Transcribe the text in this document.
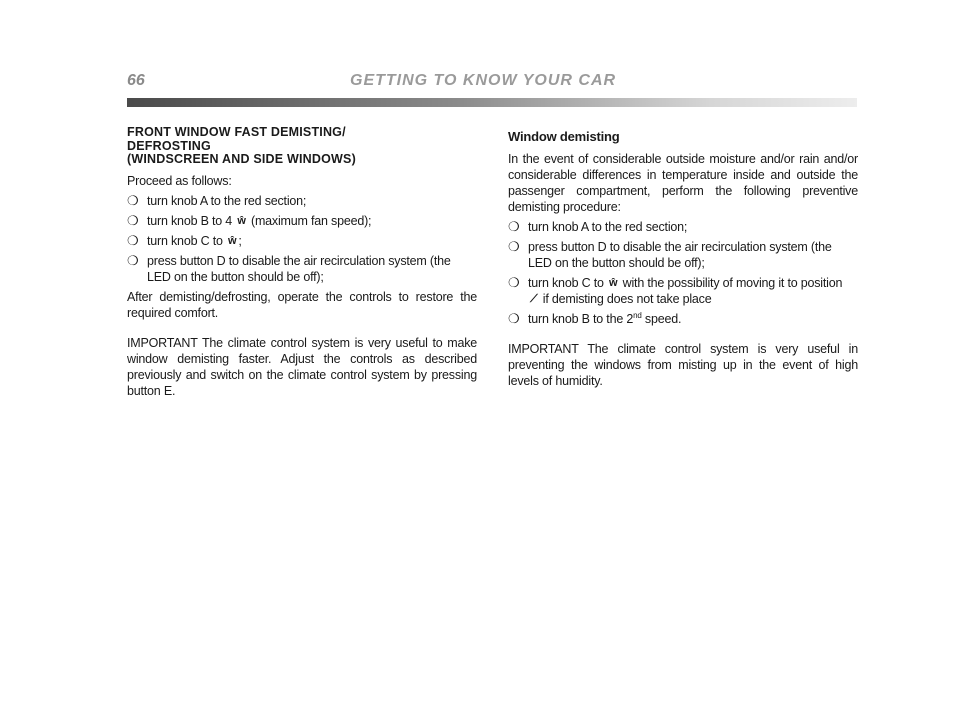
66	GETTING TO KNOW YOUR CAR
FRONT WINDOW FAST DEMISTING/
DEFROSTING
(WINDSCREEN AND SIDE WINDOWS)

Proceed as follows:

❍ turn knob A to the red section;
❍ turn knob B to 4 ŵ (maximum fan speed);
❍ turn knob C to ŵ ;
❍ press button D to disable the air recirculation system (the LED on the button should be off);

After demisting/defrosting, operate the controls to restore the required comfort.

IMPORTANT The climate control system is very useful to make window demisting faster. Adjust the controls as described previously and switch on the climate control system by pressing button E.

Window demisting

In the event of considerable outside moisture and/or rain and/or considerable differences in temperature inside and outside the passenger compartment, perform the following preventive demisting procedure:

❍ turn knob A to the red section;
❍ press button D to disable the air recirculation system (the LED on the button should be off);
❍ turn knob C to ŵ with the possibility of moving it to position
⟋ if demisting does not take place
❍ turn knob B to the 2nd speed.

IMPORTANT The climate control system is very useful in preventing the windows from misting up in the event of high levels of humidity.
